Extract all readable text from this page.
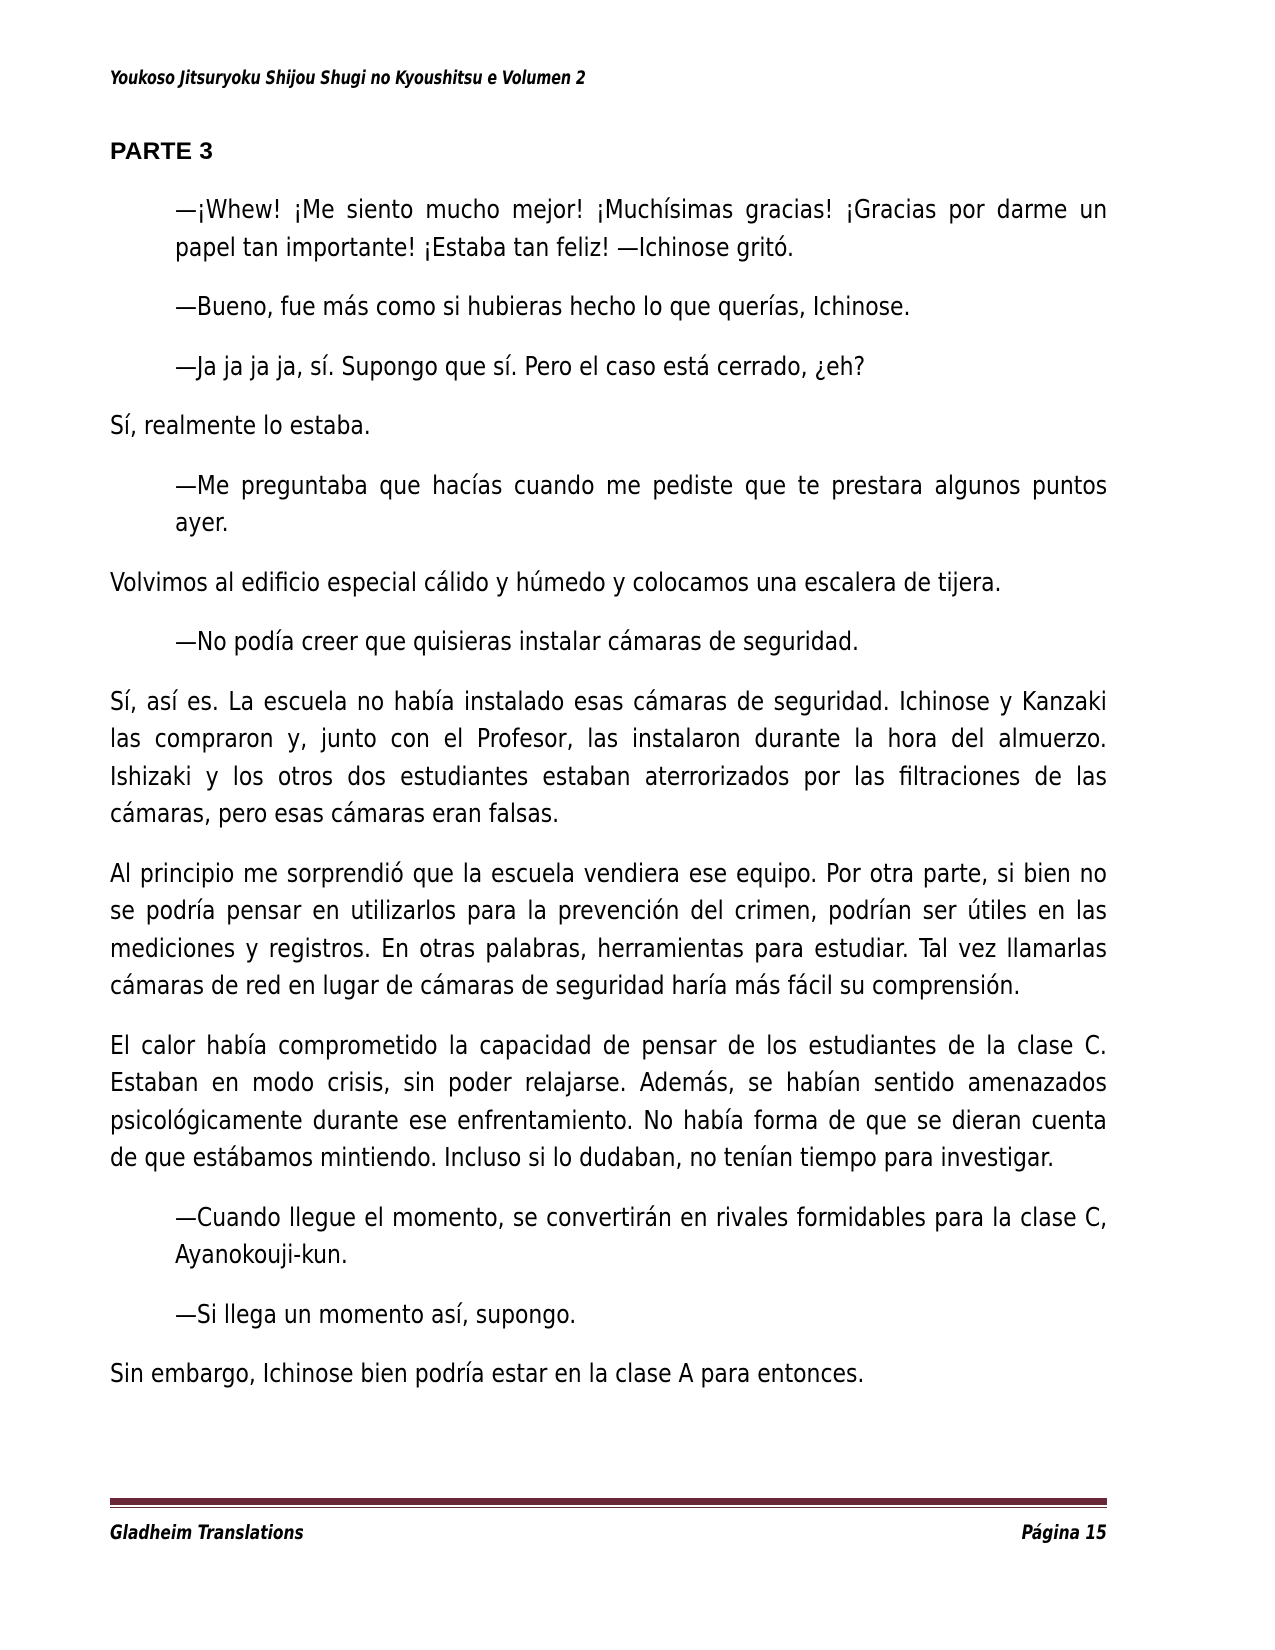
Youkoso Jitsuryoku Shijou Shugi no Kyoushitsu e Volumen 2
PARTE 3

—¡Whew! ¡Me siento mucho mejor! ¡Muchísimas gracias! ¡Gracias por darme un papel tan importante! ¡Estaba tan feliz! —Ichinose gritó.

—Bueno, fue más como si hubieras hecho lo que querías, Ichinose.

—Ja ja ja ja, sí. Supongo que sí. Pero el caso está cerrado, ¿eh?

Sí, realmente lo estaba.

—Me preguntaba que hacías cuando me pediste que te prestara algunos puntos ayer.

Volvimos al edificio especial cálido y húmedo y colocamos una escalera de tijera.

—No podía creer que quisieras instalar cámaras de seguridad.

Sí, así es. La escuela no había instalado esas cámaras de seguridad. Ichinose y Kanzaki las compraron y, junto con el Profesor, las instalaron durante la hora del almuerzo. Ishizaki y los otros dos estudiantes estaban aterrorizados por las filtraciones de las cámaras, pero esas cámaras eran falsas.

Al principio me sorprendió que la escuela vendiera ese equipo. Por otra parte, si bien no se podría pensar en utilizarlos para la prevención del crimen, podrían ser útiles en las mediciones y registros. En otras palabras, herramientas para estudiar. Tal vez llamarlas cámaras de red en lugar de cámaras de seguridad haría más fácil su comprensión.

El calor había comprometido la capacidad de pensar de los estudiantes de la clase C. Estaban en modo crisis, sin poder relajarse. Además, se habían sentido amenazados psicológicamente durante ese enfrentamiento. No había forma de que se dieran cuenta de que estábamos mintiendo. Incluso si lo dudaban, no tenían tiempo para investigar.

—Cuando llegue el momento, se convertirán en rivales formidables para la clase C, Ayanokouji-kun.

—Si llega un momento así, supongo.

Sin embargo, Ichinose bien podría estar en la clase A para entonces.

Gladheim Translations	Página 15
